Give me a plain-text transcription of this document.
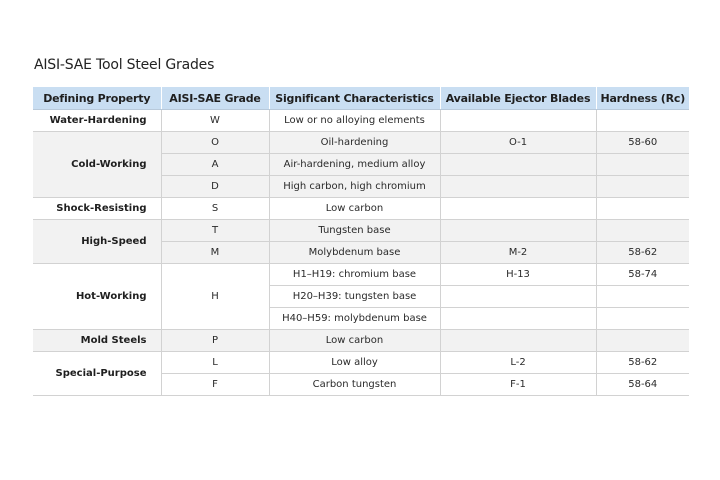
AISI-SAE Tool Steel Grades
Defining Property	AISI-SAE Grade	Significant Characteristics	Available Ejector Blades	Hardness (Rc)
Water-Hardening	W	Low or no alloying elements		
Cold-Working	O	Oil-hardening	O-1	58-60
	A	Air-hardening, medium alloy		
	D	High carbon, high chromium		
Shock-Resisting	S	Low carbon		
High-Speed	T	Tungsten base		
	M	Molybdenum base	M-2	58-62
Hot-Working	H	H1–H19: chromium base	H-13	58-74
		H20–H39: tungsten base		
		H40–H59: molybdenum base		
Mold Steels	P	Low carbon		
Special-Purpose	L	Low alloy	L-2	58-62
	F	Carbon tungsten	F-1	58-64
